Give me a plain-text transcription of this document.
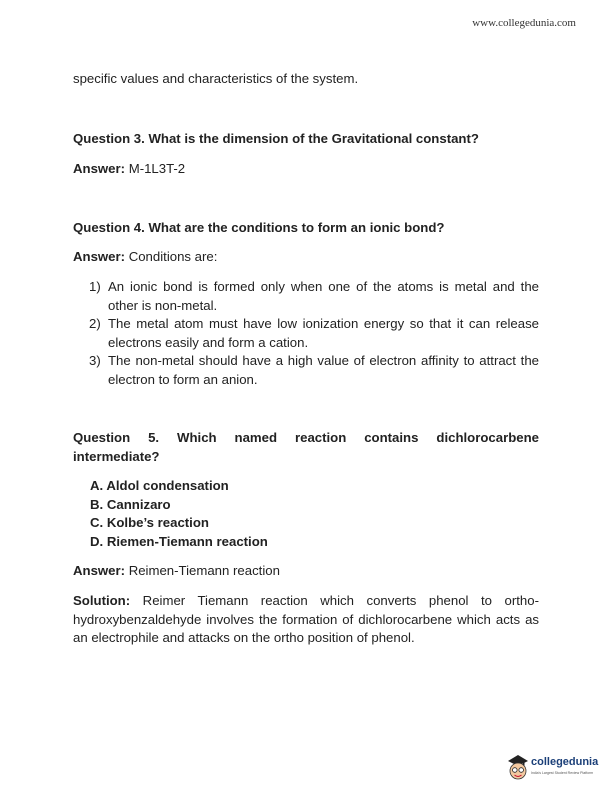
www.collegedunia.com
specific values and characteristics of the system.
Question 3. What is the dimension of the Gravitational constant?
Answer: M-1L3T-2
Question 4. What are the conditions to form an ionic bond?
Answer: Conditions are:
1) An ionic bond is formed only when one of the atoms is metal and the other is non-metal.
2) The metal atom must have low ionization energy so that it can release electrons easily and form a cation.
3) The non-metal should have a high value of electron affinity to attract the electron to form an anion.
Question 5. Which named reaction contains dichlorocarbene intermediate?
A. Aldol condensation
B. Cannizaro
C. Kolbe’s reaction
D. Riemen-Tiemann reaction
Answer: Reimen-Tiemann reaction
Solution: Reimer Tiemann reaction which converts phenol to ortho-hydroxybenzaldehyde involves the formation of dichlorocarbene which acts as an electrophile and attacks on the ortho position of phenol.
collegedunia
India's Largest Student Review Platform
